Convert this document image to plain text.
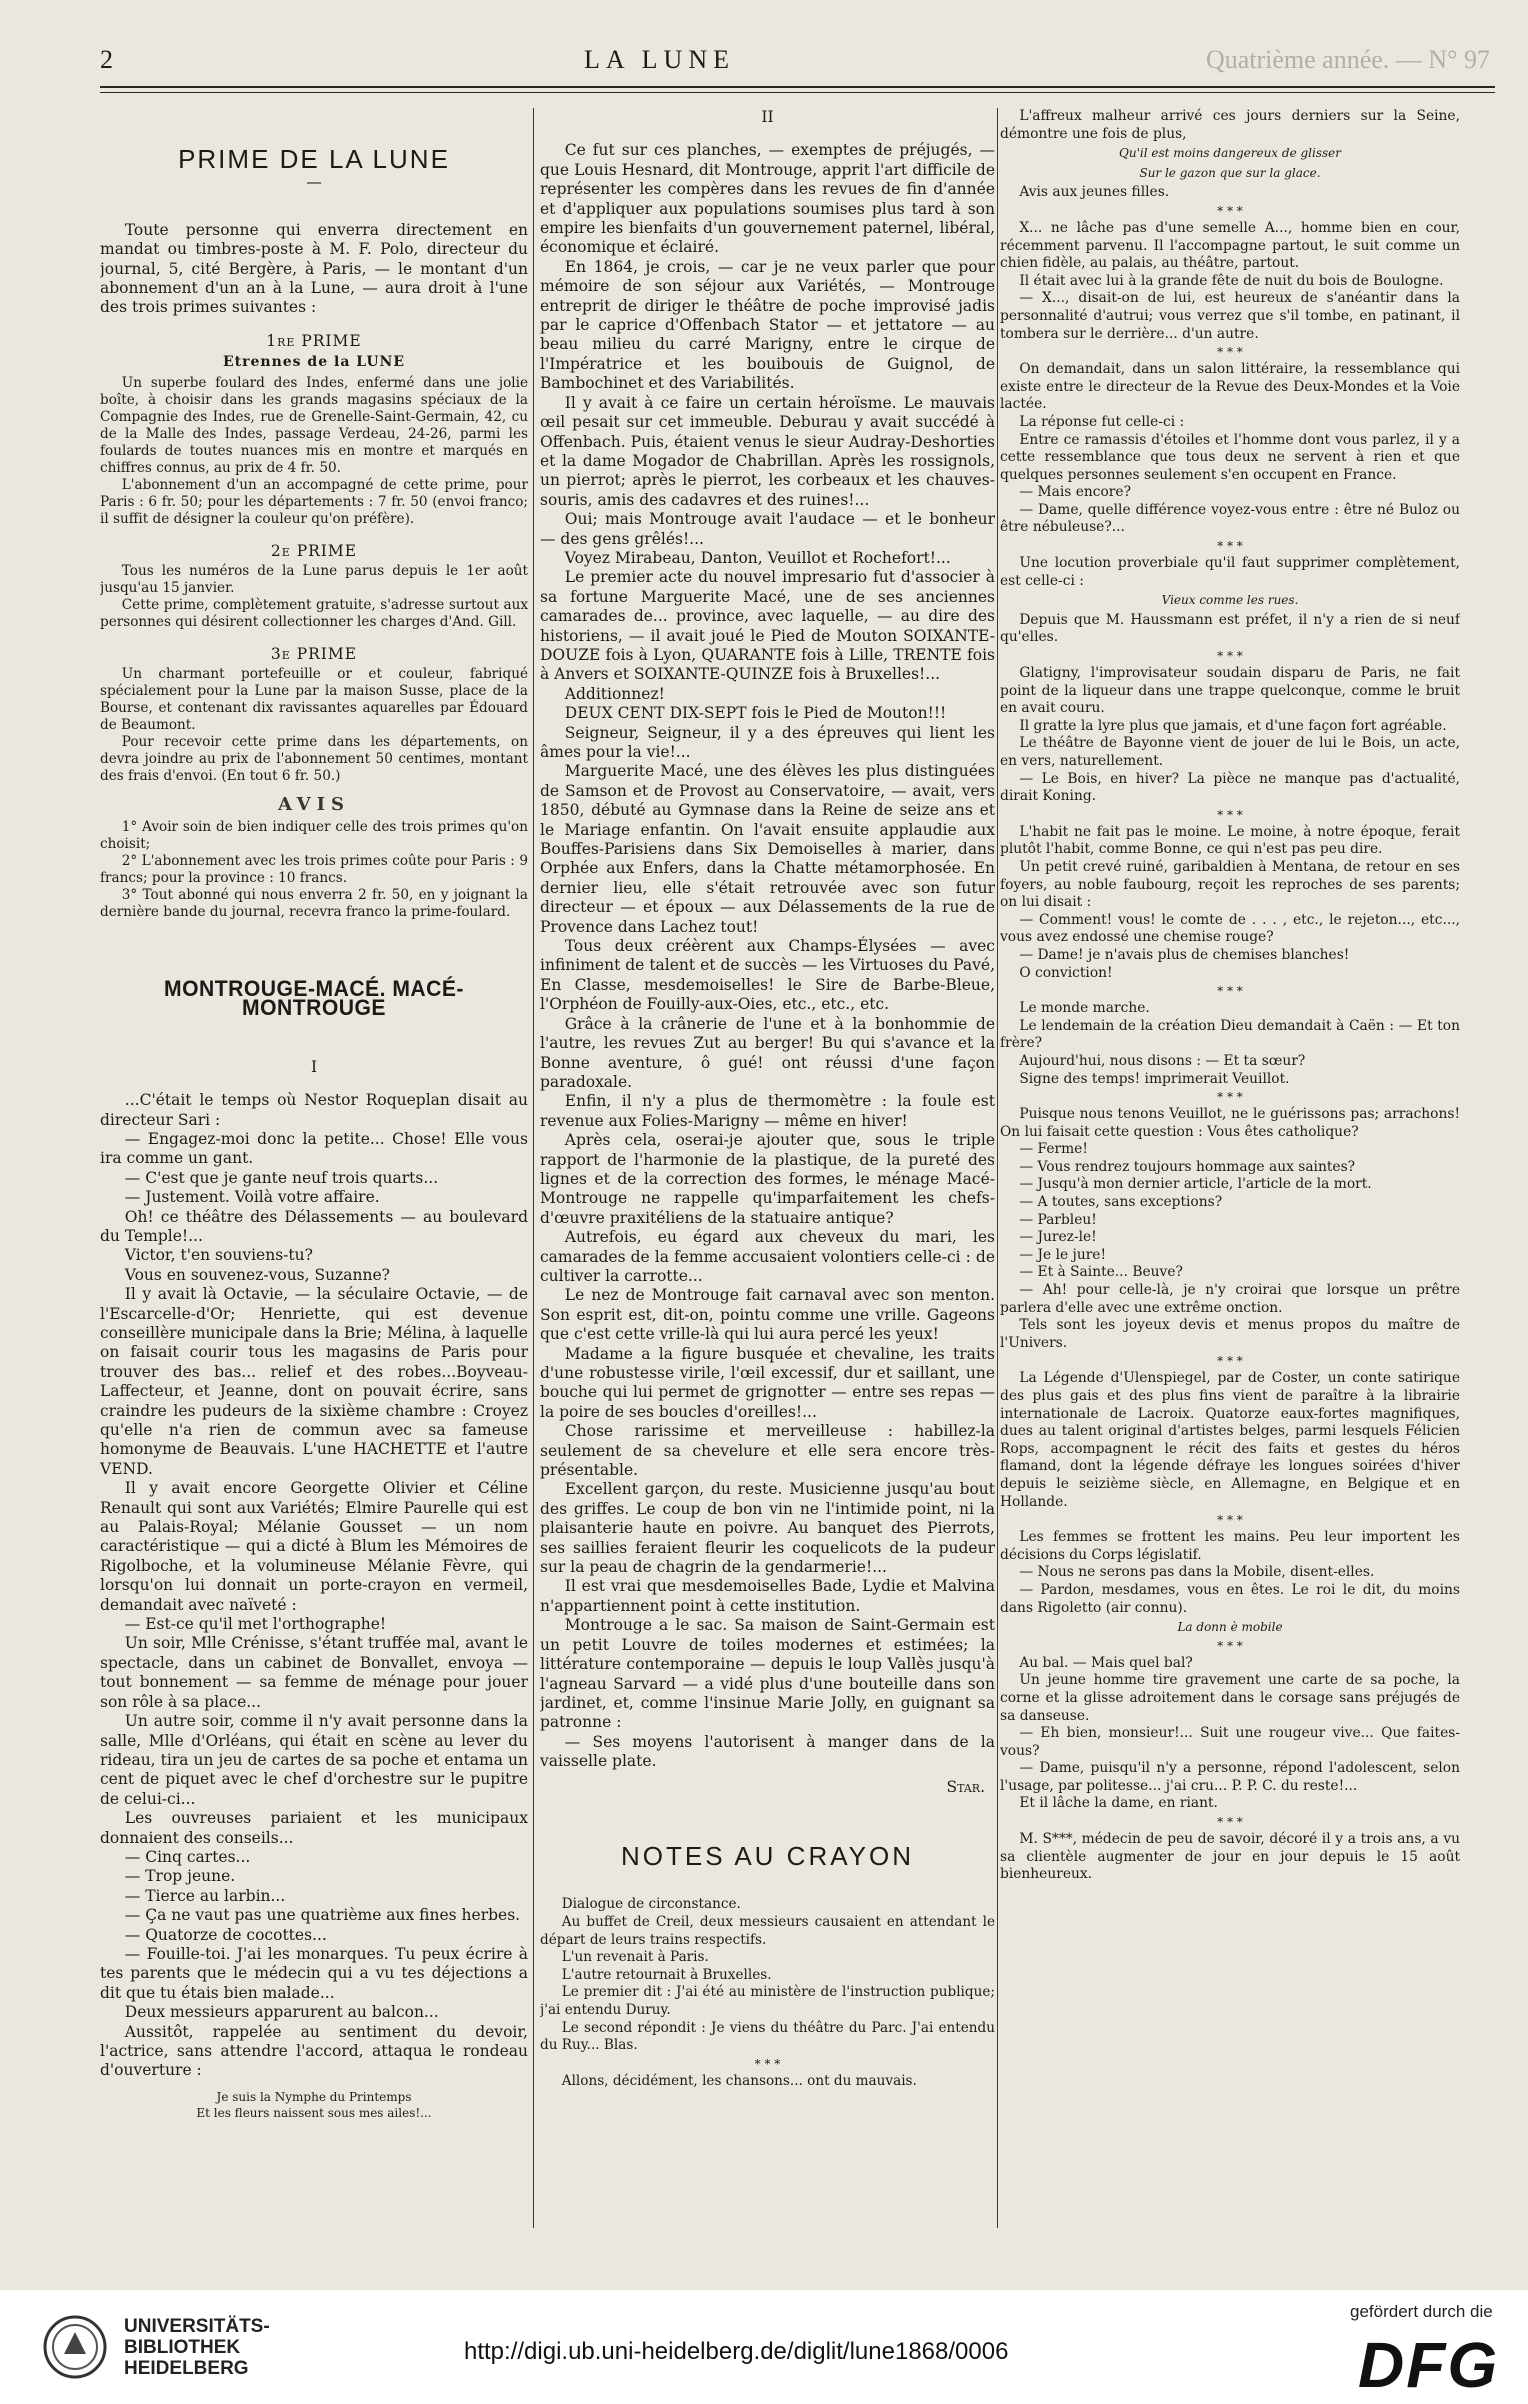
2	LA LUNE	Quatrième année. — N° 97
PRIME DE LA LUNE
—

Toute personne qui enverra directement en mandat ou timbres-poste à M. F. Polo, directeur du journal, 5, cité Bergère, à Paris, — le montant d'un abonnement d'un an à la Lune, — aura droit à l'une des trois primes suivantes :

1re PRIME
Etrennes de la LUNE

Un superbe foulard des Indes, enfermé dans une jolie boîte, à choisir dans les grands magasins spéciaux de la Compagnie des Indes, rue de Grenelle-Saint-Germain, 42, cu de la Malle des Indes, passage Verdeau, 24-26, parmi les foulards de toutes nuances mis en montre et marqués en chiffres connus, au prix de 4 fr. 50.

L'abonnement d'un an accompagné de cette prime, pour Paris : 6 fr. 50; pour les départements : 7 fr. 50 (envoi franco; il suffit de désigner la couleur qu'on préfère).

2e PRIME

Tous les numéros de la Lune parus depuis le 1er août jusqu'au 15 janvier.

Cette prime, complètement gratuite, s'adresse surtout aux personnes qui désirent collectionner les charges d'And. Gill.

3e PRIME

Un charmant portefeuille or et couleur, fabriqué spécialement pour la Lune par la maison Susse, place de la Bourse, et contenant dix ravissantes aquarelles par Édouard de Beaumont.

Pour recevoir cette prime dans les départements, on devra joindre au prix de l'abonnement 50 centimes, montant des frais d'envoi. (En tout 6 fr. 50.)

AVIS

1° Avoir soin de bien indiquer celle des trois primes qu'on choisit;

2° L'abonnement avec les trois primes coûte pour Paris : 9 francs; pour la province : 10 francs.

3° Tout abonné qui nous enverra 2 fr. 50, en y joignant la dernière bande du journal, recevra franco la prime-foulard.

MONTROUGE-MACÉ. MACÉ-MONTROUGE
I

...C'était le temps où Nestor Roqueplan disait au directeur Sari :

— Engagez-moi donc la petite... Chose! Elle vous ira comme un gant.

— C'est que je gante neuf trois quarts...

— Justement. Voilà votre affaire.

Oh! ce théâtre des Délassements — au boulevard du Temple!...

Victor, t'en souviens-tu?

Vous en souvenez-vous, Suzanne?

Il y avait là Octavie, — la séculaire Octavie, — de l'Escarcelle-d'Or; Henriette, qui est devenue conseillère municipale dans la Brie; Mélina, à laquelle on faisait courir tous les magasins de Paris pour trouver des bas... relief et des robes...Boyveau-Laffecteur, et Jeanne, dont on pouvait écrire, sans craindre les pudeurs de la sixième chambre : Croyez qu'elle n'a rien de commun avec sa fameuse homonyme de Beauvais. L'une HACHETTE et l'autre VEND.

Il y avait encore Georgette Olivier et Céline Renault qui sont aux Variétés; Elmire Paurelle qui est au Palais-Royal; Mélanie Gousset — un nom caractéristique — qui a dicté à Blum les Mémoires de Rigolboche, et la volumineuse Mélanie Fèvre, qui lorsqu'on lui donnait un porte-crayon en vermeil, demandait avec naïveté :

— Est-ce qu'il met l'orthographe!

Un soir, Mlle Crénisse, s'étant truffée mal, avant le spectacle, dans un cabinet de Bonvallet, envoya — tout bonnement — sa femme de ménage pour jouer son rôle à sa place...

Un autre soir, comme il n'y avait personne dans la salle, Mlle d'Orléans, qui était en scène au lever du rideau, tira un jeu de cartes de sa poche et entama un cent de piquet avec le chef d'orchestre sur le pupitre de celui-ci...

Les ouvreuses pariaient et les municipaux donnaient des conseils...

— Cinq cartes...

— Trop jeune.

— Tierce au larbin...

— Ça ne vaut pas une quatrième aux fines herbes.

— Quatorze de cocottes...

— Fouille-toi. J'ai les monarques. Tu peux écrire à tes parents que le médecin qui a vu tes déjections a dit que tu étais bien malade...

Deux messieurs apparurent au balcon...

Aussitôt, rappelée au sentiment du devoir, l'actrice, sans attendre l'accord, attaqua le rondeau d'ouverture :

Je suis la Nymphe du Printemps
Et les fleurs naissent sous mes ailes!...
II

Ce fut sur ces planches, — exemptes de préjugés, — que Louis Hesnard, dit Montrouge, apprit l'art difficile de représenter les compères dans les revues de fin d'année et d'appliquer aux populations soumises plus tard à son empire les bienfaits d'un gouvernement paternel, libéral, économique et éclairé.

En 1864, je crois, — car je ne veux parler que pour mémoire de son séjour aux Variétés, — Montrouge entreprit de diriger le théâtre de poche improvisé jadis par le caprice d'Offenbach Stator — et jettatore — au beau milieu du carré Marigny, entre le cirque de l'Impératrice et les bouibouis de Guignol, de Bambochinet et des Variabilités.

Il y avait à ce faire un certain héroïsme. Le mauvais œil pesait sur cet immeuble. Deburau y avait succédé à Offenbach. Puis, étaient venus le sieur Audray-Deshorties et la dame Mogador de Chabrillan. Après les rossignols, un pierrot; après le pierrot, les corbeaux et les chauves-souris, amis des cadavres et des ruines!...

Oui; mais Montrouge avait l'audace — et le bonheur — des gens grêlés!...

Voyez Mirabeau, Danton, Veuillot et Rochefort!...

Le premier acte du nouvel impresario fut d'associer à sa fortune Marguerite Macé, une de ses anciennes camarades de... province, avec laquelle, — au dire des historiens, — il avait joué le Pied de Mouton SOIXANTE-DOUZE fois à Lyon, QUARANTE fois à Lille, TRENTE fois à Anvers et SOIXANTE-QUINZE fois à Bruxelles!...

Additionnez!

DEUX CENT DIX-SEPT fois le Pied de Mouton!!!

Seigneur, Seigneur, il y a des épreuves qui lient les âmes pour la vie!...

Marguerite Macé, une des élèves les plus distinguées de Samson et de Provost au Conservatoire, — avait, vers 1850, débuté au Gymnase dans la Reine de seize ans et le Mariage enfantin. On l'avait ensuite applaudie aux Bouffes-Parisiens dans Six Demoiselles à marier, dans Orphée aux Enfers, dans la Chatte métamorphosée. En dernier lieu, elle s'était retrouvée avec son futur directeur — et époux — aux Délassements de la rue de Provence dans Lachez tout!

Tous deux créèrent aux Champs-Élysées — avec infiniment de talent et de succès — les Virtuoses du Pavé, En Classe, mesdemoiselles! le Sire de Barbe-Bleue, l'Orphéon de Fouilly-aux-Oies, etc., etc., etc.

Grâce à la crânerie de l'une et à la bonhommie de l'autre, les revues Zut au berger! Bu qui s'avance et la Bonne aventure, ô gué! ont réussi d'une façon paradoxale.

Enfin, il n'y a plus de thermomètre : la foule est revenue aux Folies-Marigny — même en hiver!

Après cela, oserai-je ajouter que, sous le triple rapport de l'harmonie de la plastique, de la pureté des lignes et de la correction des formes, le ménage Macé-Montrouge ne rappelle qu'imparfaitement les chefs-d'œuvre praxitéliens de la statuaire antique?

Autrefois, eu égard aux cheveux du mari, les camarades de la femme accusaient volontiers celle-ci : de cultiver la carrotte...

Le nez de Montrouge fait carnaval avec son menton. Son esprit est, dit-on, pointu comme une vrille. Gageons que c'est cette vrille-là qui lui aura percé les yeux!

Madame a la figure busquée et chevaline, les traits d'une robustesse virile, l'œil excessif, dur et saillant, une bouche qui lui permet de grignotter — entre ses repas — la poire de ses boucles d'oreilles!...

Chose rarissime et merveilleuse : habillez-la seulement de sa chevelure et elle sera encore très-présentable.

Excellent garçon, du reste. Musicienne jusqu'au bout des griffes. Le coup de bon vin ne l'intimide point, ni la plaisanterie haute en poivre. Au banquet des Pierrots, ses saillies feraient fleurir les coquelicots de la pudeur sur la peau de chagrin de la gendarmerie!...

Il est vrai que mesdemoiselles Bade, Lydie et Malvina n'appartiennent point à cette institution.

Montrouge a le sac. Sa maison de Saint-Germain est un petit Louvre de toiles modernes et estimées; la littérature contemporaine — depuis le loup Vallès jusqu'à l'agneau Sarvard — a vidé plus d'une bouteille dans son jardinet, et, comme l'insinue Marie Jolly, en guignant sa patronne :

— Ses moyens l'autorisent à manger dans de la vaisselle plate.

Star.
NOTES AU CRAYON

Dialogue de circonstance.

Au buffet de Creil, deux messieurs causaient en attendant le départ de leurs trains respectifs.

L'un revenait à Paris.

L'autre retournait à Bruxelles.

Le premier dit : J'ai été au ministère de l'instruction publique; j'ai entendu Duruy.

Le second répondit : Je viens du théâtre du Parc. J'ai entendu du Ruy... Blas.

* * *

Allons, décidément, les chansons... ont du mauvais.

L'affreux malheur arrivé ces jours derniers sur la Seine, démontre une fois de plus,

Qu'il est moins dangereux de glisser
Sur le gazon que sur la glace.

Avis aux jeunes filles.

* * *

X... ne lâche pas d'une semelle A..., homme bien en cour, récemment parvenu. Il l'accompagne partout, le suit comme un chien fidèle, au palais, au théâtre, partout.

Il était avec lui à la grande fête de nuit du bois de Boulogne.

— X..., disait-on de lui, est heureux de s'anéantir dans la personnalité d'autrui; vous verrez que s'il tombe, en patinant, il tombera sur le derrière... d'un autre.

* * *

On demandait, dans un salon littéraire, la ressemblance qui existe entre le directeur de la Revue des Deux-Mondes et la Voie lactée.

La réponse fut celle-ci :

Entre ce ramassis d'étoiles et l'homme dont vous parlez, il y a cette ressemblance que tous deux ne servent à rien et que quelques personnes seulement s'en occupent en France.

— Mais encore?

— Dame, quelle différence voyez-vous entre : être né Buloz ou être nébuleuse?...

* * *

Une locution proverbiale qu'il faut supprimer complètement, est celle-ci :

Vieux comme les rues.

Depuis que M. Haussmann est préfet, il n'y a rien de si neuf qu'elles.

* * *

Glatigny, l'improvisateur soudain disparu de Paris, ne fait point de la liqueur dans une trappe quelconque, comme le bruit en avait couru.

Il gratte la lyre plus que jamais, et d'une façon fort agréable.

Le théâtre de Bayonne vient de jouer de lui le Bois, un acte, en vers, naturellement.

— Le Bois, en hiver? La pièce ne manque pas d'actualité, dirait Koning.

* * *

L'habit ne fait pas le moine. Le moine, à notre époque, ferait plutôt l'habit, comme Bonne, ce qui n'est pas peu dire.

Un petit crevé ruiné, garibaldien à Mentana, de retour en ses foyers, au noble faubourg, reçoit les reproches de ses parents; on lui disait :

— Comment! vous! le comte de . . . , etc., le rejeton..., etc..., vous avez endossé une chemise rouge?

— Dame! je n'avais plus de chemises blanches!

O conviction!

* * *

Le monde marche.

Le lendemain de la création Dieu demandait à Caën : — Et ton frère?

Aujourd'hui, nous disons : — Et ta sœur?

Signe des temps! imprimerait Veuillot.

* * *

Puisque nous tenons Veuillot, ne le guérissons pas; arrachons! On lui faisait cette question : Vous êtes catholique?

— Ferme!

— Vous rendrez toujours hommage aux saintes?

— Jusqu'à mon dernier article, l'article de la mort.

— A toutes, sans exceptions?

— Parbleu!

— Jurez-le!

— Je le jure!

— Et à Sainte... Beuve?

— Ah! pour celle-là, je n'y croirai que lorsque un prêtre parlera d'elle avec une extrême onction.

Tels sont les joyeux devis et menus propos du maître de l'Univers.

* * *

La Légende d'Ulenspiegel, par de Coster, un conte satirique des plus gais et des plus fins vient de paraître à la librairie internationale de Lacroix. Quatorze eaux-fortes magnifiques, dues au talent original d'artistes belges, parmi lesquels Félicien Rops, accompagnent le récit des faits et gestes du héros flamand, dont la légende défraye les longues soirées d'hiver depuis le seizième siècle, en Allemagne, en Belgique et en Hollande.

* * *

Les femmes se frottent les mains. Peu leur importent les décisions du Corps législatif.

— Nous ne serons pas dans la Mobile, disent-elles.

— Pardon, mesdames, vous en êtes. Le roi le dit, du moins dans Rigoletto (air connu).

La donn è mobile
* * *

Au bal. — Mais quel bal?

Un jeune homme tire gravement une carte de sa poche, la corne et la glisse adroitement dans le corsage sans préjugés de sa danseuse.

— Eh bien, monsieur!... Suit une rougeur vive... Que faites-vous?

— Dame, puisqu'il n'y a personne, répond l'adolescent, selon l'usage, par politesse... j'ai cru... P. P. C. du reste!...

Et il lâche la dame, en riant.

* * *

M. S***, médecin de peu de savoir, décoré il y a trois ans, a vu sa clientèle augmenter de jour en jour depuis le 15 août bienheureux.

UNIVERSITÄTS-
BIBLIOTHEK
HEIDELBERG
http://digi.ub.uni-heidelberg.de/diglit/lune1868/0006
gefördert durch die
DFG
